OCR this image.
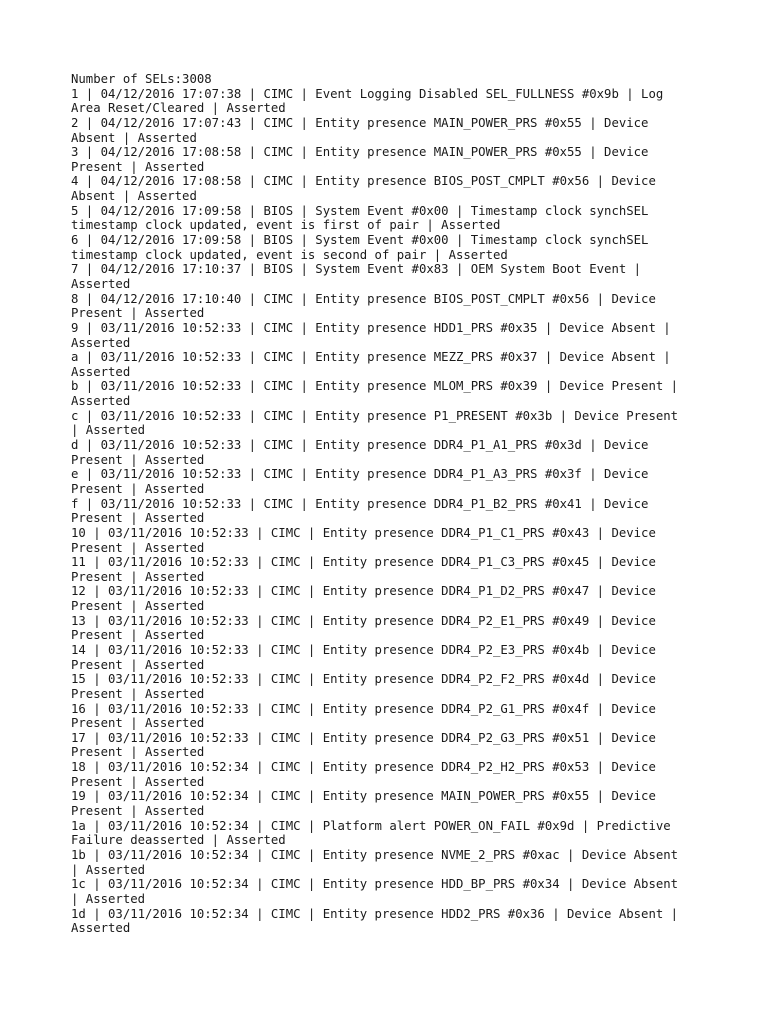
Number of SELs:3008
1 | 04/12/2016 17:07:38 | CIMC | Event Logging Disabled SEL_FULLNESS #0x9b | Log
Area Reset/Cleared | Asserted
2 | 04/12/2016 17:07:43 | CIMC | Entity presence MAIN_POWER_PRS #0x55 | Device
Absent | Asserted
3 | 04/12/2016 17:08:58 | CIMC | Entity presence MAIN_POWER_PRS #0x55 | Device
Present | Asserted
4 | 04/12/2016 17:08:58 | CIMC | Entity presence BIOS_POST_CMPLT #0x56 | Device
Absent | Asserted
5 | 04/12/2016 17:09:58 | BIOS | System Event #0x00 | Timestamp clock synchSEL
timestamp clock updated, event is first of pair | Asserted
6 | 04/12/2016 17:09:58 | BIOS | System Event #0x00 | Timestamp clock synchSEL
timestamp clock updated, event is second of pair | Asserted
7 | 04/12/2016 17:10:37 | BIOS | System Event #0x83 | OEM System Boot Event |
Asserted
8 | 04/12/2016 17:10:40 | CIMC | Entity presence BIOS_POST_CMPLT #0x56 | Device
Present | Asserted
9 | 03/11/2016 10:52:33 | CIMC | Entity presence HDD1_PRS #0x35 | Device Absent |
Asserted
a | 03/11/2016 10:52:33 | CIMC | Entity presence MEZZ_PRS #0x37 | Device Absent |
Asserted
b | 03/11/2016 10:52:33 | CIMC | Entity presence MLOM_PRS #0x39 | Device Present |
Asserted
c | 03/11/2016 10:52:33 | CIMC | Entity presence P1_PRESENT #0x3b | Device Present
| Asserted
d | 03/11/2016 10:52:33 | CIMC | Entity presence DDR4_P1_A1_PRS #0x3d | Device
Present | Asserted
e | 03/11/2016 10:52:33 | CIMC | Entity presence DDR4_P1_A3_PRS #0x3f | Device
Present | Asserted
f | 03/11/2016 10:52:33 | CIMC | Entity presence DDR4_P1_B2_PRS #0x41 | Device
Present | Asserted
10 | 03/11/2016 10:52:33 | CIMC | Entity presence DDR4_P1_C1_PRS #0x43 | Device
Present | Asserted
11 | 03/11/2016 10:52:33 | CIMC | Entity presence DDR4_P1_C3_PRS #0x45 | Device
Present | Asserted
12 | 03/11/2016 10:52:33 | CIMC | Entity presence DDR4_P1_D2_PRS #0x47 | Device
Present | Asserted
13 | 03/11/2016 10:52:33 | CIMC | Entity presence DDR4_P2_E1_PRS #0x49 | Device
Present | Asserted
14 | 03/11/2016 10:52:33 | CIMC | Entity presence DDR4_P2_E3_PRS #0x4b | Device
Present | Asserted
15 | 03/11/2016 10:52:33 | CIMC | Entity presence DDR4_P2_F2_PRS #0x4d | Device
Present | Asserted
16 | 03/11/2016 10:52:33 | CIMC | Entity presence DDR4_P2_G1_PRS #0x4f | Device
Present | Asserted
17 | 03/11/2016 10:52:33 | CIMC | Entity presence DDR4_P2_G3_PRS #0x51 | Device
Present | Asserted
18 | 03/11/2016 10:52:34 | CIMC | Entity presence DDR4_P2_H2_PRS #0x53 | Device
Present | Asserted
19 | 03/11/2016 10:52:34 | CIMC | Entity presence MAIN_POWER_PRS #0x55 | Device
Present | Asserted
1a | 03/11/2016 10:52:34 | CIMC | Platform alert POWER_ON_FAIL #0x9d | Predictive
Failure deasserted | Asserted
1b | 03/11/2016 10:52:34 | CIMC | Entity presence NVME_2_PRS #0xac | Device Absent
| Asserted
1c | 03/11/2016 10:52:34 | CIMC | Entity presence HDD_BP_PRS #0x34 | Device Absent
| Asserted
1d | 03/11/2016 10:52:34 | CIMC | Entity presence HDD2_PRS #0x36 | Device Absent |
Asserted
